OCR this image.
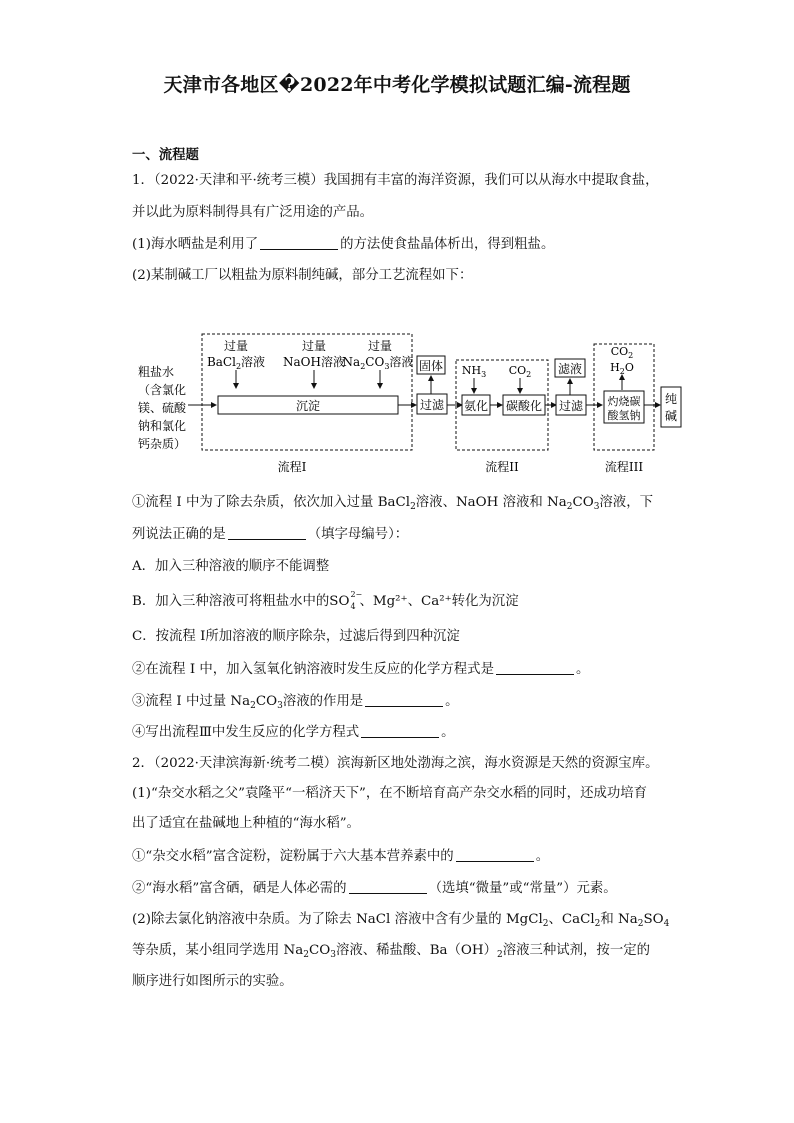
天津市各地区�2022年中考化学模拟试题汇编-流程题
一、流程题
1．（2022·天津和平·统考三模）我国拥有丰富的海洋资源，我们可以从海水中提取食盐，
并以此为原料制得具有广泛用途的产品。
(1)海水晒盐是利用了	的方法使食盐晶体析出，得到粗盐。
(2)某制碱工厂以粗盐为原料制纯碱，部分工艺流程如下：
粗盐水
（含氯化
镁、硫酸
钠和氯化
钙杂质）
过量
BaCl$_2$溶液
过量
NaOH溶液
过量
$Na_2CO_3$溶液
沉淀
固体
过滤
$NH_3$ $CO_2$
氨化 碳酸化
滤液
过滤
$CO_2$
$H_2O$
灼烧碳
酸氢钠
纯
碱
流程I	流程II	流程III
①流程 I 中为了除去杂质，依次加入过量 BaCl$_2$溶液、NaOH 溶液和 $Na_2CO_3$溶液，下
列说法正确的是	（填字母编号）：
A．加入三种溶液的顺序不能调整
B．加入三种溶液可将粗盐水中的SO 2−
4 、Mg²⁺、Ca²⁺转化为沉淀
C．按流程 I所加溶液的顺序除杂，过滤后得到四种沉淀
②在流程 I 中，加入氢氧化钠溶液时发生反应的化学方程式是	。
③流程 I 中过量 $Na_2CO_3$溶液的作用是	。
④写出流程Ⅲ中发生反应的化学方程式	。
2．（2022·天津滨海新·统考二模）滨海新区地处渤海之滨，海水资源是天然的资源宝库。
(1)“杂交水稻之父”袁隆平“一稻济天下”，在不断培育高产杂交水稻的同时，还成功培育
出了适宜在盐碱地上种植的“海水稻”。
①“杂交水稻”富含淀粉，淀粉属于六大基本营养素中的	。
②“海水稻”富含硒，硒是人体必需的	（选填“微量”或“常量”）元素。
(2)除去氯化钠溶液中杂质。为了除去 NaCl 溶液中含有少量的 MgCl$_2$、CaCl$_2$和 $Na_2SO_4$
等杂质，某小组同学选用 $Na_2CO_3$溶液、稀盐酸、$Ba(OH)_2$溶液三种试剂，按一定的
顺序进行如图所示的实验。
